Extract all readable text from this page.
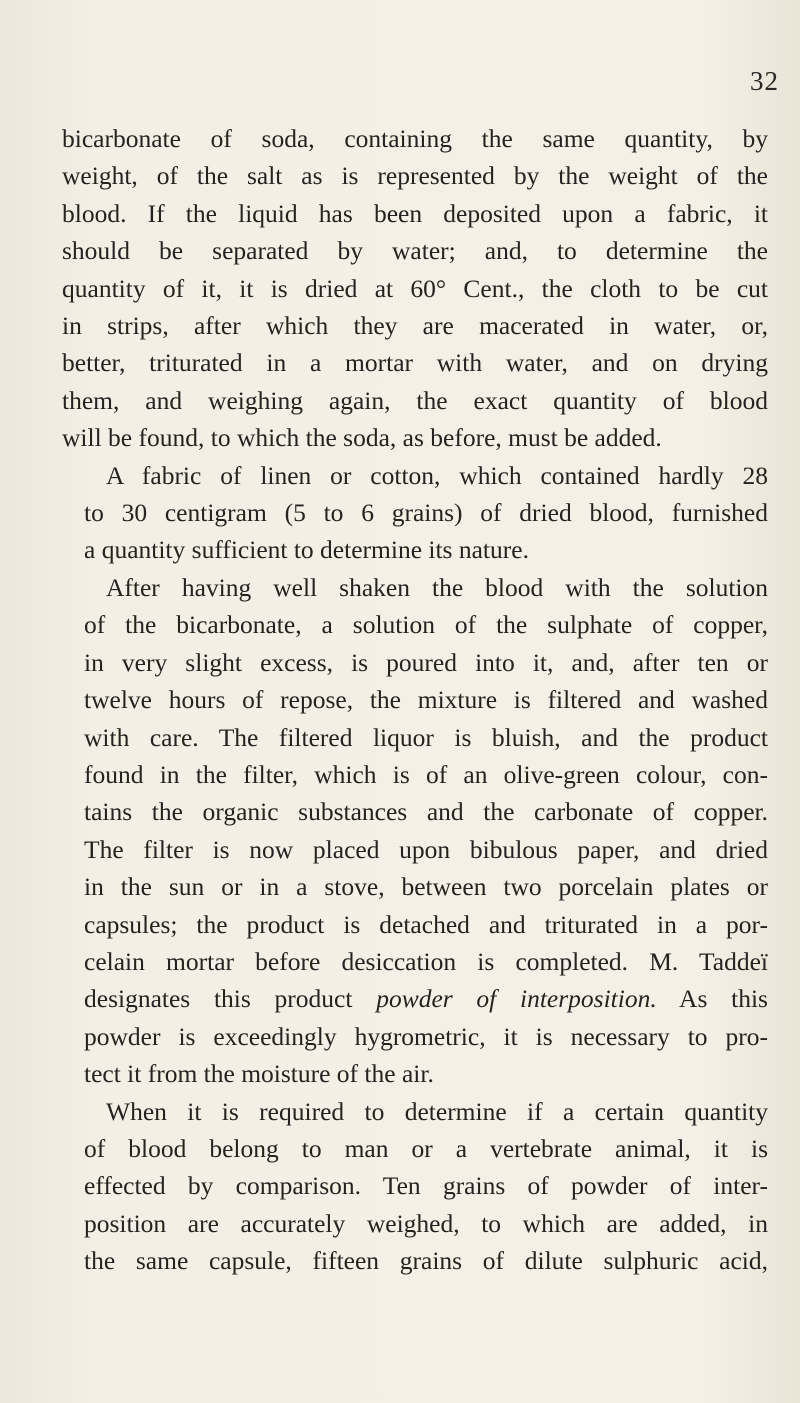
32

bicarbonate of soda, containing the same quantity, by
weight, of the salt as is represented by the weight of the
blood. If the liquid has been deposited upon a fabric, it
should be separated by water; and, to determine the
quantity of it, it is dried at 60° Cent., the cloth to be cut
in strips, after which they are macerated in water, or,
better, triturated in a mortar with water, and on drying
them, and weighing again, the exact quantity of blood
will be found, to which the soda, as before, must be added.

A fabric of linen or cotton, which contained hardly 28
to 30 centigram (5 to 6 grains) of dried blood, furnished
a quantity sufficient to determine its nature.

After having well shaken the blood with the solution
of the bicarbonate, a solution of the sulphate of copper,
in very slight excess, is poured into it, and, after ten or
twelve hours of repose, the mixture is filtered and washed
with care. The filtered liquor is bluish, and the product
found in the filter, which is of an olive-green colour, con-
tains the organic substances and the carbonate of copper.
The filter is now placed upon bibulous paper, and dried
in the sun or in a stove, between two porcelain plates or
capsules; the product is detached and triturated in a por-
celain mortar before desiccation is completed. M. Taddeï
designates this product powder of interposition. As this
powder is exceedingly hygrometric, it is necessary to pro-
tect it from the moisture of the air.

When it is required to determine if a certain quantity
of blood belong to man or a vertebrate animal, it is
effected by comparison. Ten grains of powder of inter-
position are accurately weighed, to which are added, in
the same capsule, fifteen grains of dilute sulphuric acid,
